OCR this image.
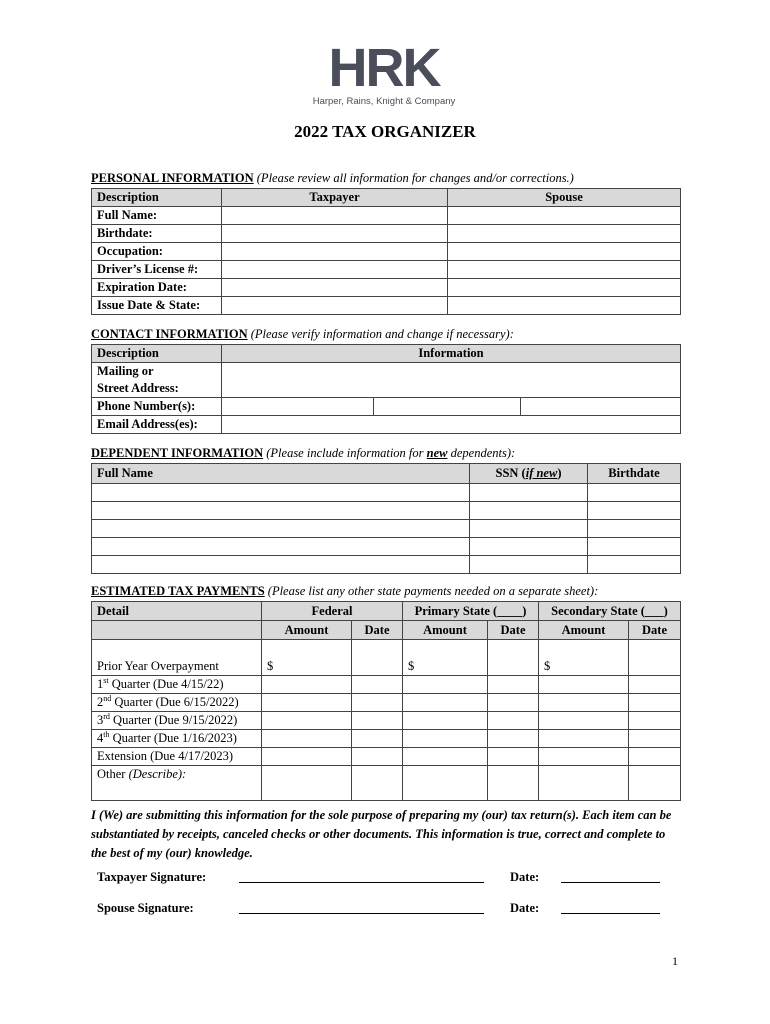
HRK
Harper, Rains, Knight & Company
2022 TAX ORGANIZER
PERSONAL INFORMATION (Please review all information for changes and/or corrections.)
Description	Taxpayer	Spouse
Full Name:		
Birthdate:		
Occupation:		
Driver’s License #:		
Expiration Date:		
Issue Date & State:		
CONTACT INFORMATION (Please verify information and change if necessary):
Description	Information		
Mailing or			
Street Address:			
Phone Number(s):			
Email Address(es):			
DEPENDENT INFORMATION (Please include information for new dependents):
Full Name	SSN (if new)	Birthdate

ESTIMATED TAX PAYMENTS (Please list any other state payments needed on a separate sheet):
Detail	Federal		Primary State (____)		Secondary State (___)	
	Amount	Date	Amount	Date	Amount	Date

Prior Year Overpayment	$		$		$	
1st Quarter (Due 4/15/22)						
2nd Quarter (Due 6/15/2022)						
3rd Quarter (Due 9/15/2022)						
4th Quarter (Due 1/16/2023)						
Extension (Due 4/17/2023)						
Other (Describe):						

I (We) are submitting this information for the sole purpose of preparing my (our) tax return(s). Each item can be substantiated by receipts, canceled checks or other documents. This information is true, correct and complete to the best of my (our) knowledge.
Taxpayer Signature:	Date:
Spouse Signature:	Date:
1
